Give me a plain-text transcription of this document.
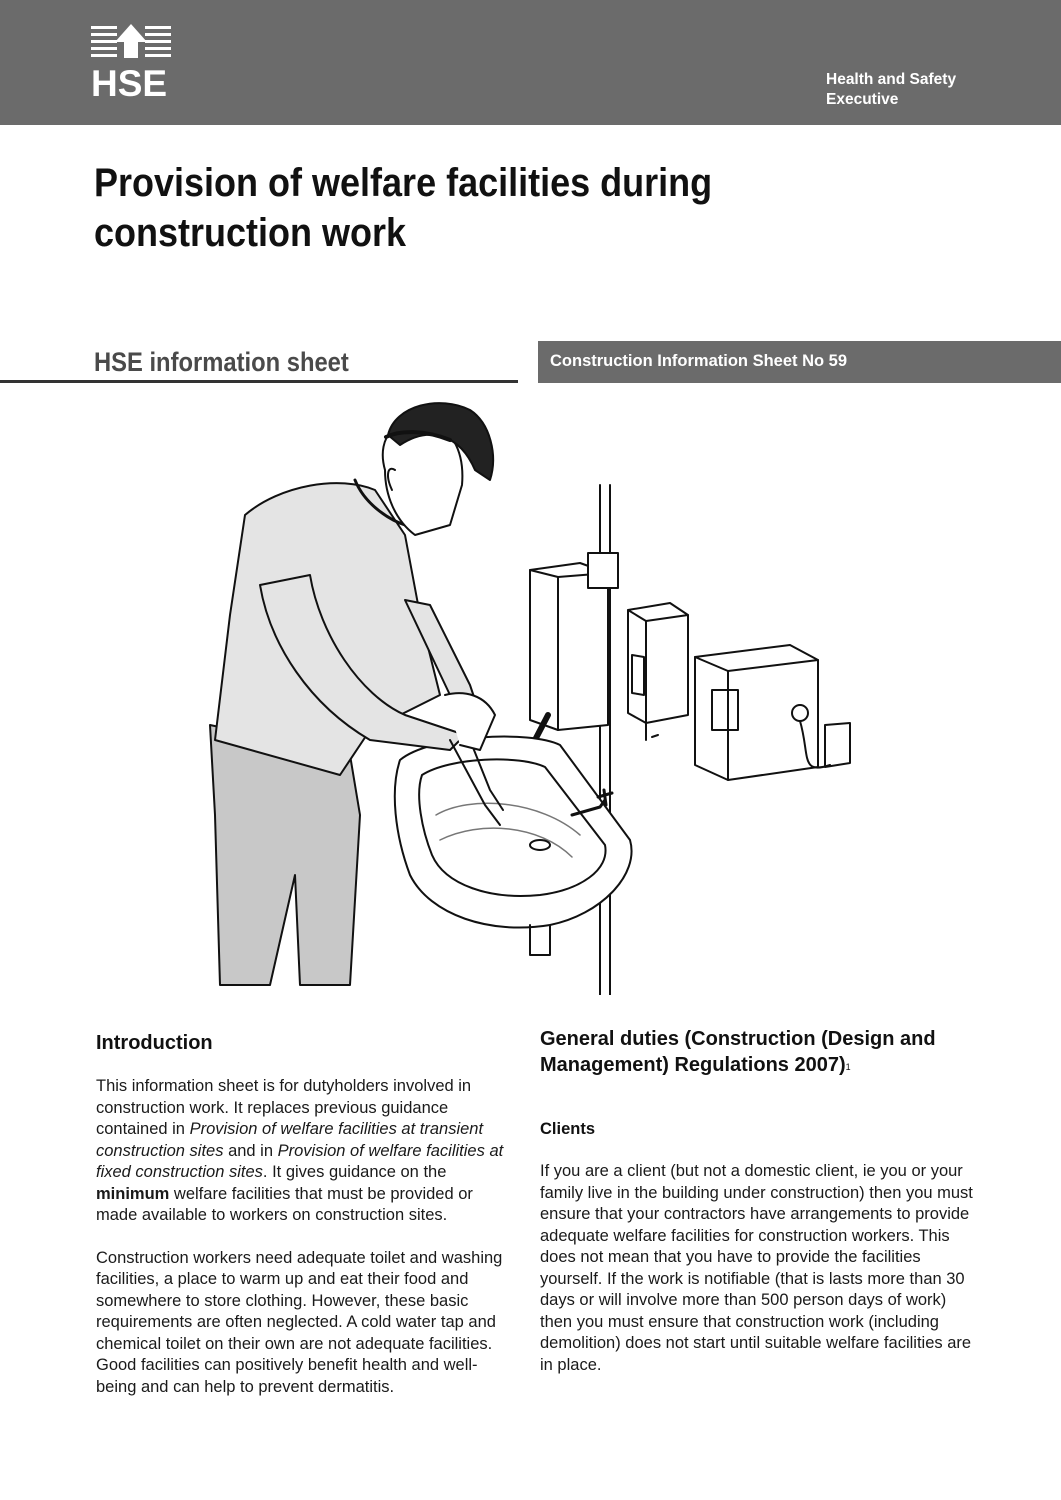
HSE	Health and Safety
Executive
Provision of welfare facilities during
construction work
HSE information sheet	Construction Information Sheet No 59
Introduction

This information sheet is for dutyholders involved in construction work. It replaces previous guidance contained in Provision of welfare facilities at transient construction sites and in Provision of welfare facilities at fixed construction sites. It gives guidance on the minimum welfare facilities that must be provided or made available to workers on construction sites.

Construction workers need adequate toilet and washing facilities, a place to warm up and eat their food and somewhere to store clothing. However, these basic requirements are often neglected. A cold water tap and chemical toilet on their own are not adequate facilities. Good facilities can positively benefit health and well-being and can help to prevent dermatitis.

General duties (Construction (Design and Management) Regulations 2007)$^1$
Clients

If you are a client (but not a domestic client, ie you or your family live in the building under construction) then you must ensure that your contractors have arrangements to provide adequate welfare facilities for construction workers. This does not mean that you have to provide the facilities yourself. If the work is notifiable (that is lasts more than 30 days or will involve more than 500 person days of work) then you must ensure that construction work (including demolition) does not start until suitable welfare facilities are in place.
